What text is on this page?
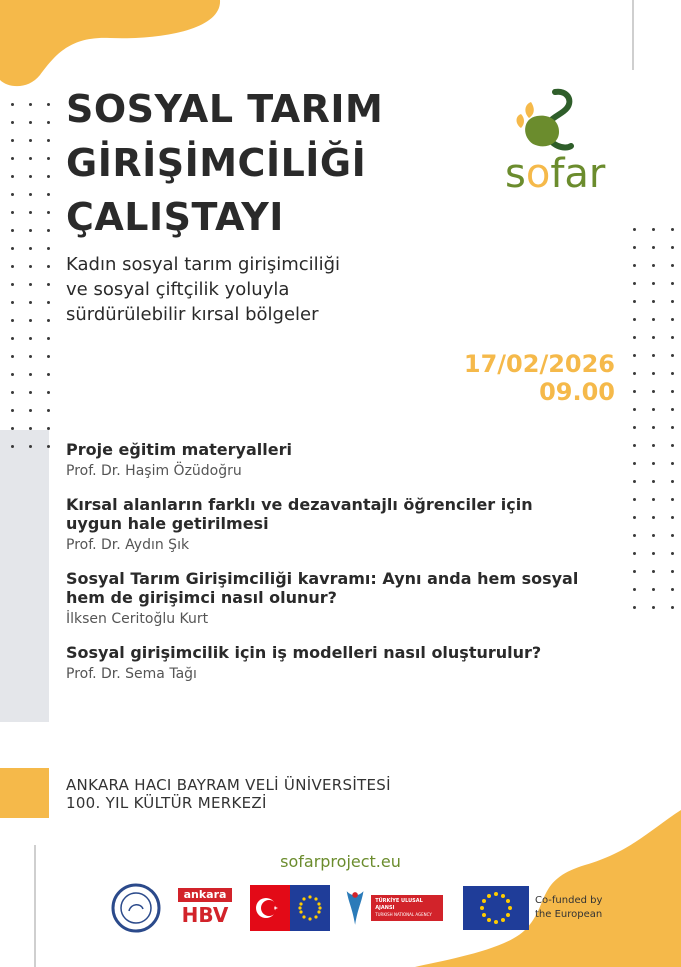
SOSYAL TARIM
GİRİŞİMCİLİĞİ
ÇALIŞTAYI
Kadın sosyal tarım girişimciliği
ve sosyal çiftçilik yoluyla
sürdürülebilir kırsal bölgeler
sofar
17/02/2026
09.00

Proje eğitim materyalleri

Prof. Dr. Haşim Özüdoğru

Kırsal alanların farklı ve dezavantajlı öğrenciler için uygun hale getirilmesi

Prof. Dr. Aydın Şık

Sosyal Tarım Girişimciliği kavramı: Aynı anda hem sosyal hem de girişimci nasıl olunur?

İlksen Ceritoğlu Kurt

Sosyal girişimcilik için iş modelleri nasıl oluşturulur?

Prof. Dr. Sema Tağı

ANKARA HACI BAYRAM VELİ ÜNİVERSİTESİ
100. YIL KÜLTÜR MERKEZİ
sofarproject.eu
ankara
HBV
TÜRKİYE ULUSAL AJANSI
TURKISH NATIONAL AGENCY
Co-funded by
the European
